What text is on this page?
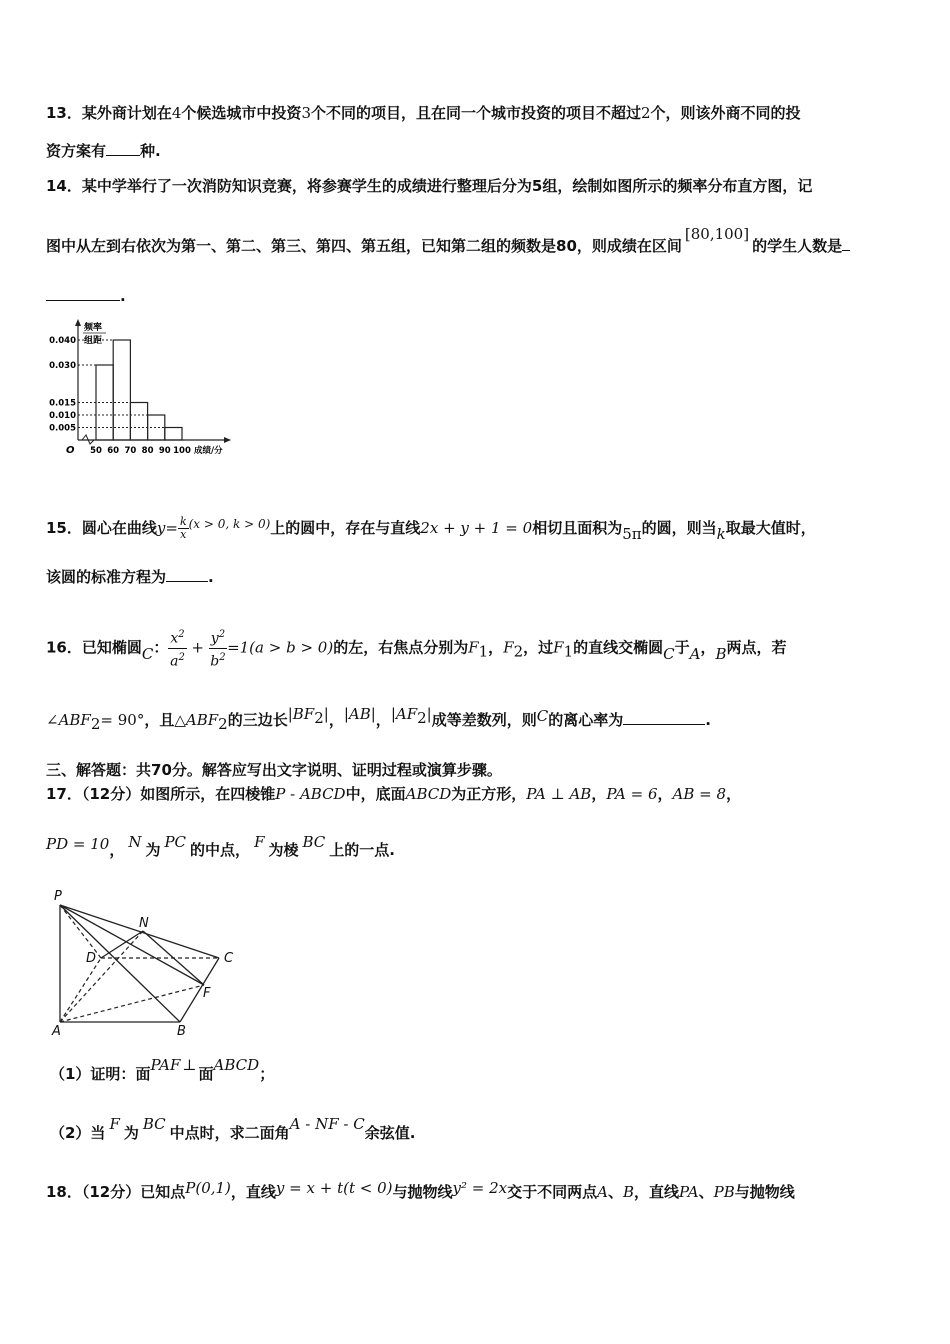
13．某外商计划在4个候选城市中投资3个不同的项目，且在同一个城市投资的项目不超过2个，则该外商不同的投
资方案有 种.
14．某中学举行了一次消防知识竞赛，将参赛学生的成绩进行整理后分为5组，绘制如图所示的频率分布直方图，记
图中从左到右依次为第一、第二、第三、第四、第五组，已知第二组的频数是80，则成绩在区间[80,100]的学生人数是
.
频率
组距
0.040
0.030
0.015
0.010
0.005
50 60 70 80 90 100 成绩/分
O
15．圆心在曲线$y= \frac{k}{x} ^{(x > 0, k > 0)}$上的圆中，存在与直线2x + y + 1 = 0相切且面积为5π的圆，则当k取最大值时，
该圆的标准方程为	.
16．已知椭圆C： $\frac{x^2}{a^2} + \frac{y^2}{b^2} =1(a > b > 0)$的左，右焦点分别为$F_1$，$F_2$，过$F_1$的直线交椭圆C于A，B两点，若
$\angle ABF_2= 90^\circ$，且$\triangle ABF_2$的三边长$|BF_2|$，|AB|，$|AF_2|$成等差数列，则C的离心率为	.
三、解答题：共70分。解答应写出文字说明、证明过程或演算步骤。
17．（12分）如图所示，在四棱锥P - ABCD中，底面ABCD为正方形，PA ⊥ AB，PA = 6，AB = 8，
PD = 10， N 为 PC 的中点， F 为棱 BC 上的一点.
P
N
D	C
F
A	B
（1）证明：面PAF ⊥ 面ABCD；
（2）当 F 为 BC 中点时，求二面角A - NF - C余弦值.
18．（12分）已知点P(0,1)，直线y = x + t(t < 0)与抛物线y² = 2x交于不同两点A、B，直线PA、PB与抛物线
